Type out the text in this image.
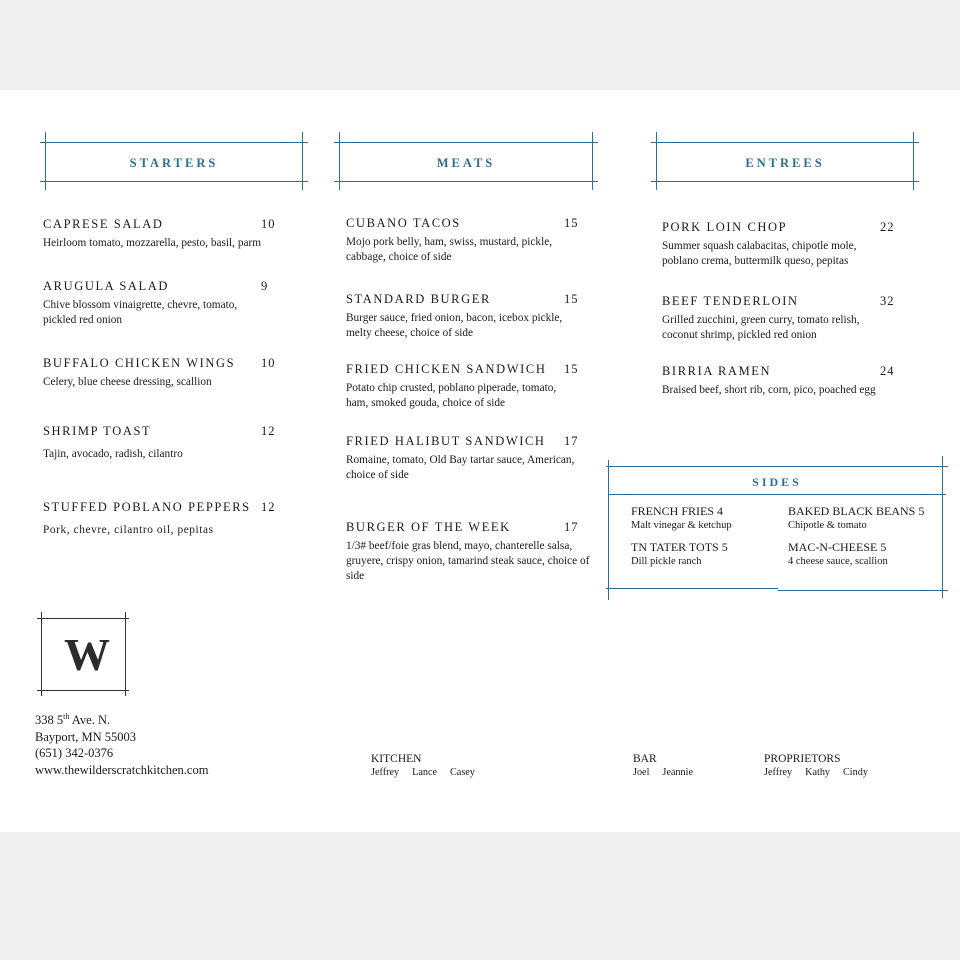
STARTERS	MEATS	ENTREES
CAPRESE SALAD	10
Heirloom tomato, mozzarella, pesto, basil, parm
ARUGULA SALAD	9
Chive blossom vinaigrette, chevre, tomato, pickled red onion
BUFFALO CHICKEN WINGS	10
Celery, blue cheese dressing, scallion
SHRIMP TOAST	12
Tajin, avocado, radish, cilantro
STUFFED POBLANO PEPPERS 12
Pork, chevre, cilantro oil, pepitas
CUBANO TACOS	15
Mojo pork belly, ham, swiss, mustard, pickle, cabbage, choice of side
STANDARD BURGER	15
Burger sauce, fried onion, bacon, icebox pickle, melty cheese, choice of side
FRIED CHICKEN SANDWICH	15
Potato chip crusted, poblano piperade, tomato, ham, smoked gouda, choice of side
FRIED HALIBUT SANDWICH	17
Romaine, tomato, Old Bay tartar sauce, American, choice of side
BURGER OF THE WEEK	17
1/3# beef/foie gras blend, mayo, chanterelle salsa, gruyere, crispy onion, tamarind steak sauce, choice of side
PORK LOIN CHOP	22
Summer squash calabacitas, chipotle mole, poblano crema, buttermilk queso, pepitas
BEEF TENDERLOIN	32
Grilled zucchini, green curry, tomato relish, coconut shrimp, pickled red onion
BIRRIA RAMEN	24
Braised beef, short rib, corn, pico, poached egg
SIDES
FRENCH FRIES 4
Malt vinegar & ketchup
BAKED BLACK BEANS 5
Chipotle & tomato
TN TATER TOTS 5
Dill pickle ranch
MAC-N-CHEESE 5
4 cheese sauce, scallion
W
338 5th Ave. N.
Bayport, MN 55003
(651) 342-0376
www.thewilderscratchkitchen.com
KITCHEN
Jeffrey Lance Casey
BAR
Joel Jeannie
PROPRIETORS
Jeffrey Kathy Cindy
